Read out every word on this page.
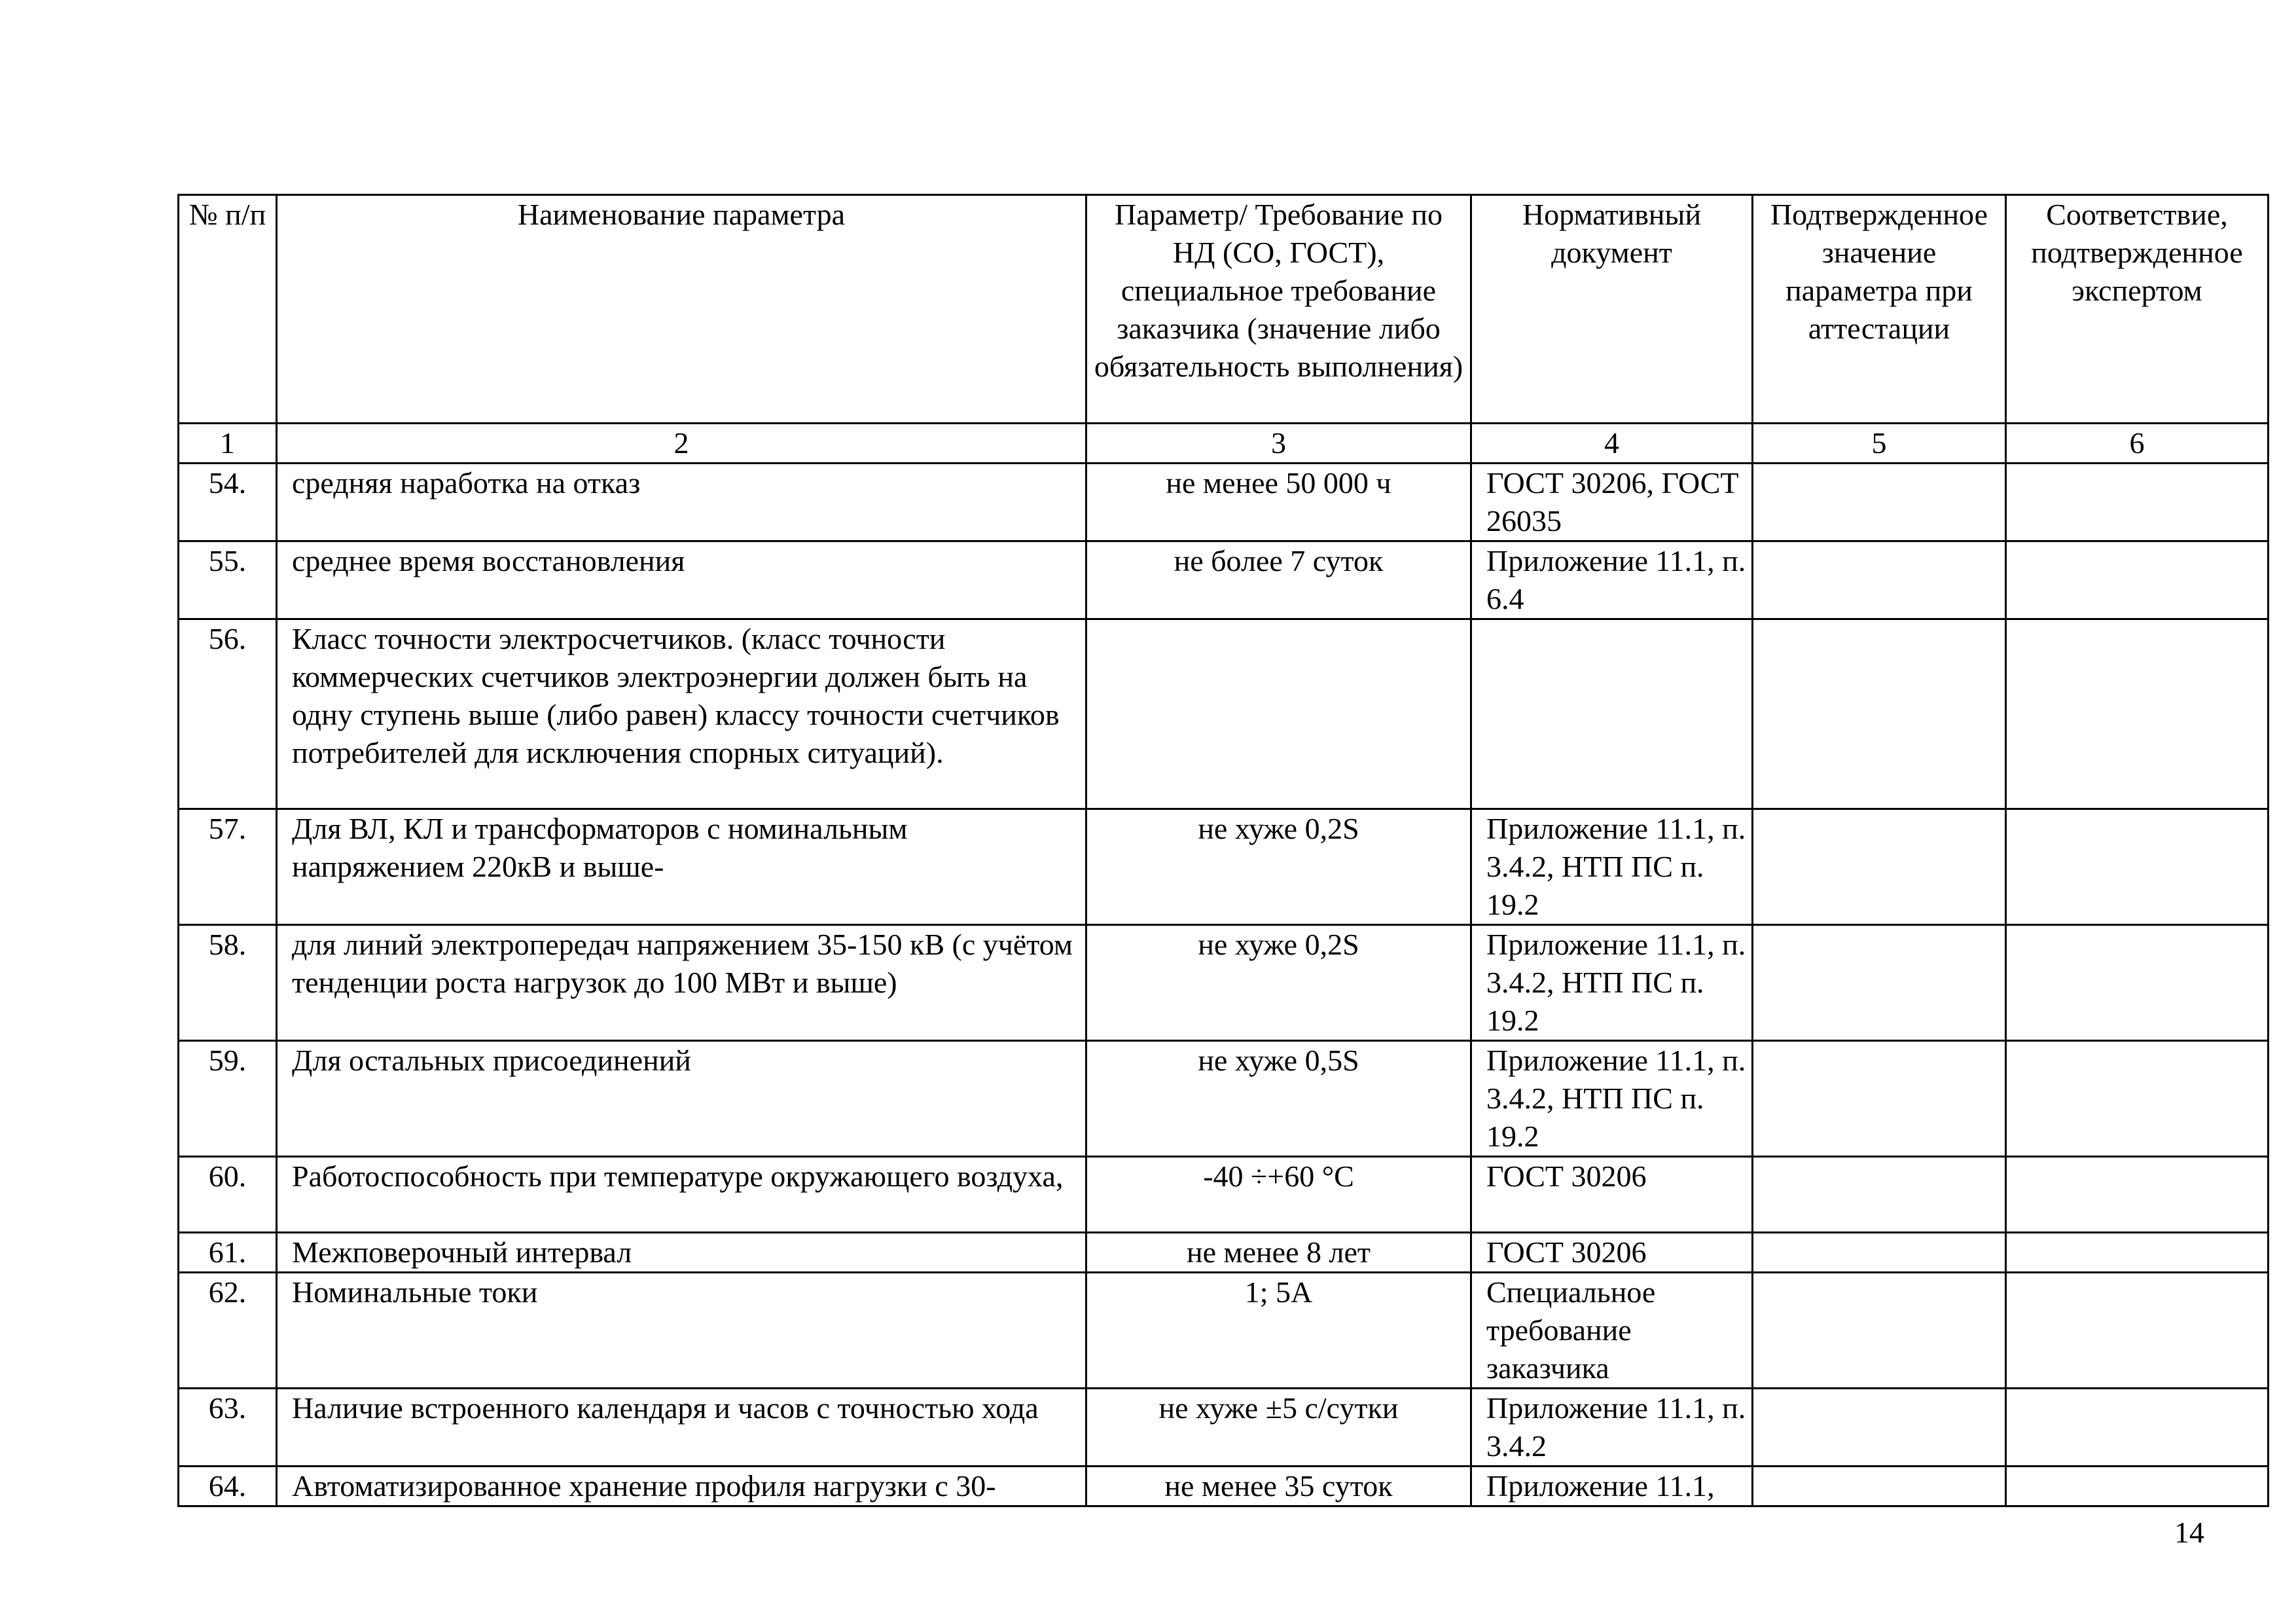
№ п/п	Наименование параметра	Параметр/ Требование по НД (СО, ГОСТ), специальное требование заказчика (значение либо обязательность выполнения)	Нормативный документ	Подтвержденное значение параметра при аттестации	Соответствие, подтвержденное экспертом
1	2	3	4	5	6
54.	средняя наработка на отказ	не менее 50 000 ч	ГОСТ 30206, ГОСТ 26035		
55.	среднее время восстановления	не более 7 суток	Приложение 11.1, п. 6.4		
56.	Класс точности электросчетчиков. (класс точности коммерческих счетчиков электроэнергии должен быть на одну ступень выше (либо равен) классу точности счетчиков потребителей для исключения спорных ситуаций).				
57.	Для ВЛ, КЛ и трансформаторов с номинальным напряжением 220кВ и выше-	не хуже 0,2S	Приложение 11.1, п. 3.4.2, НТП ПС п. 19.2		
58.	для линий электропередач напряжением 35-150 кВ (с учётом тенденции роста нагрузок до 100 МВт и выше)	не хуже 0,2S	Приложение 11.1, п. 3.4.2, НТП ПС п. 19.2		
59.	Для остальных присоединений	не хуже 0,5S	Приложение 11.1, п. 3.4.2, НТП ПС п. 19.2		
60.	Работоспособность при температуре окружающего воздуха,	-40 ÷+60 °С	ГОСТ 30206		
61.	Межповерочный интервал	не менее 8 лет	ГОСТ 30206		
62.	Номинальные токи	1; 5А	Специальное требование заказчика		
63.	Наличие встроенного календаря и часов с точностью хода	не хуже ±5 с/сутки	Приложение 11.1, п. 3.4.2		
64.	Автоматизированное хранение профиля нагрузки с 30-	не менее 35 суток	Приложение 11.1,		
14
